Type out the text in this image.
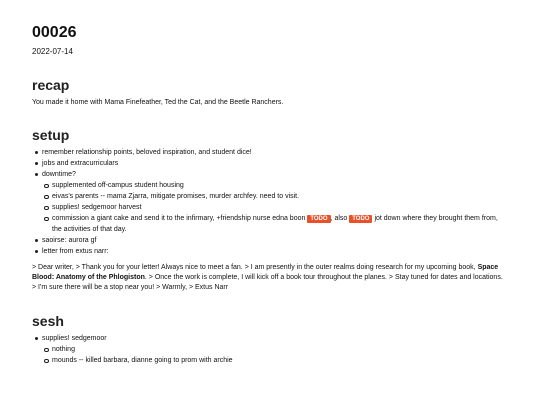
00026
2022-07-14
recap

You made it home with Mama Finefeather, Ted the Cat, and the Beetle Ranchers.

setup
remember relationship points, beloved inspiration, and student dice!
jobs and extracurriculars
downtime?
supplemented off-campus student housing
eivas's parents -- mama Zjarra, mitigate promises, murder archfey. need to visit.
supplies! sedgemoor harvest
commission a giant cake and send it to the infirmary, +friendship nurse edna boon TODO , also TODO jot down where they brought them from, the activities of that day.
saoirse: aurora gf
letter from extus narr:

> Dear writer, > Thank you for your letter! Always nice to meet a fan. > I am presently in the outer realms doing research for my upcoming book, Space Blood: Anatomy of the Phlogiston. > Once the work is complete, I will kick off a book tour throughout the planes. > Stay tuned for dates and locations. > I'm sure there will be a stop near you! > Warmly, > Extus Narr

sesh
supplies! sedgemoor
nothing
mounds -- killed barbara, dianne going to prom with archie
